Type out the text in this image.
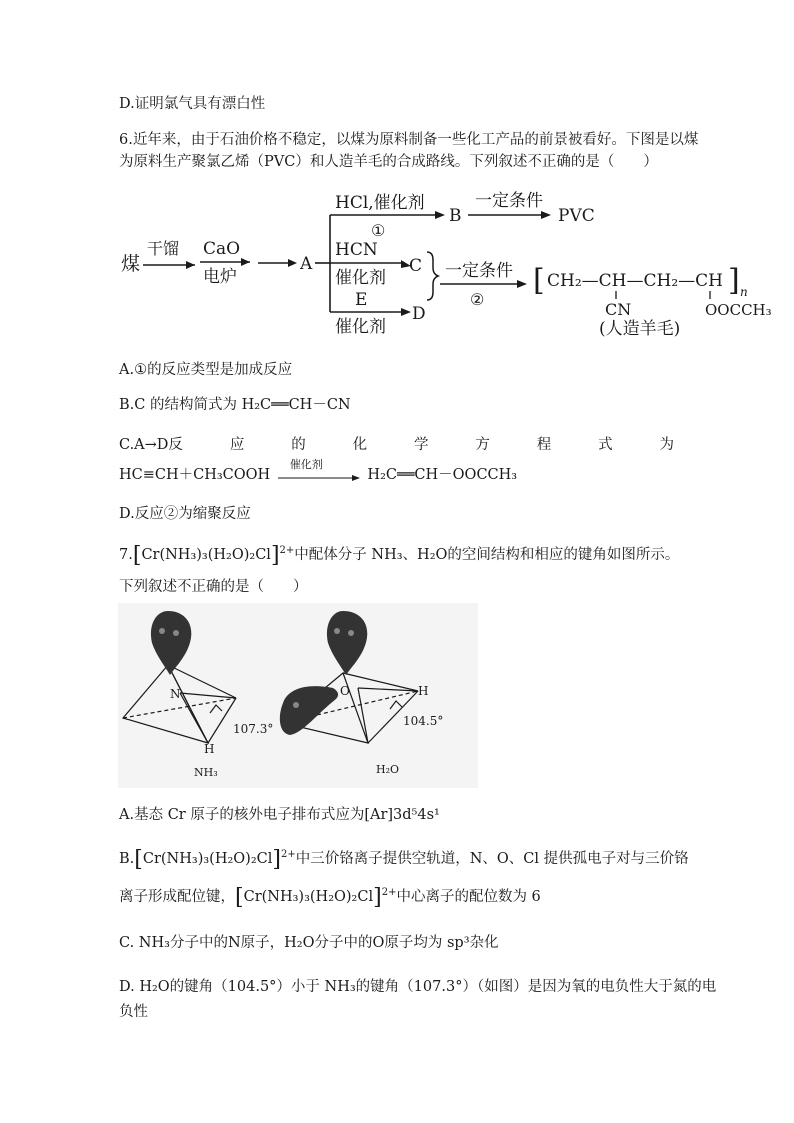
D.证明氯气具有漂白性
6.近年来，由于石油价格不稳定，以煤为原料制备一些化工产品的前景被看好。下图是以煤
为原料生产聚氯乙烯（PVC）和人造羊毛的合成路线。下列叙述不正确的是（　　）
煤
干馏 CaO
电炉
A
HCl,催化剂
①
B
一定条件
PVC
HCN
催化剂
C
E
催化剂
D
一定条件
②
[ CH₂—CH—CH₂—CH ] n
CN	OOCCH₃
(人造羊毛)
A.①的反应类型是加成反应
B.C 的结构简式为 H₂C══CH－CN
C.A→D反	应	的	化	学	方	程	式	为
HC≡CH＋CH₃COOH
催化剂
H₂C══CH－OOCCH₃
D.反应②为缩聚反应
$7.[Cr(NH_3)_3(H_2O)_2Cl]^{2+}$中配体分子 NH₃、H₂O的空间结构和相应的键角如图所示。
下列叙述不正确的是（　　）
N
H
107.3°
NH₃
O	H
104.5°
H₂O
A.基态 Cr 原子的核外电子排布式应为[Ar]3d⁵4s¹
$B.[Cr(NH_3)_3(H_2O)_2Cl]^{2+}$中三价铬离子提供空轨道，N、O、Cl 提供孤电子对与三价铬
离子形成配位键，$[Cr(NH_3)_3(H_2O)_2Cl]^{2+}$中心离子的配位数为 6
C. NH₃分子中的N原子，H₂O分子中的O原子均为 sp³杂化
D. H₂O的键角（104.5°）小于 NH₃的键角（107.3°）（如图）是因为氧的电负性大于氮的电
负性
